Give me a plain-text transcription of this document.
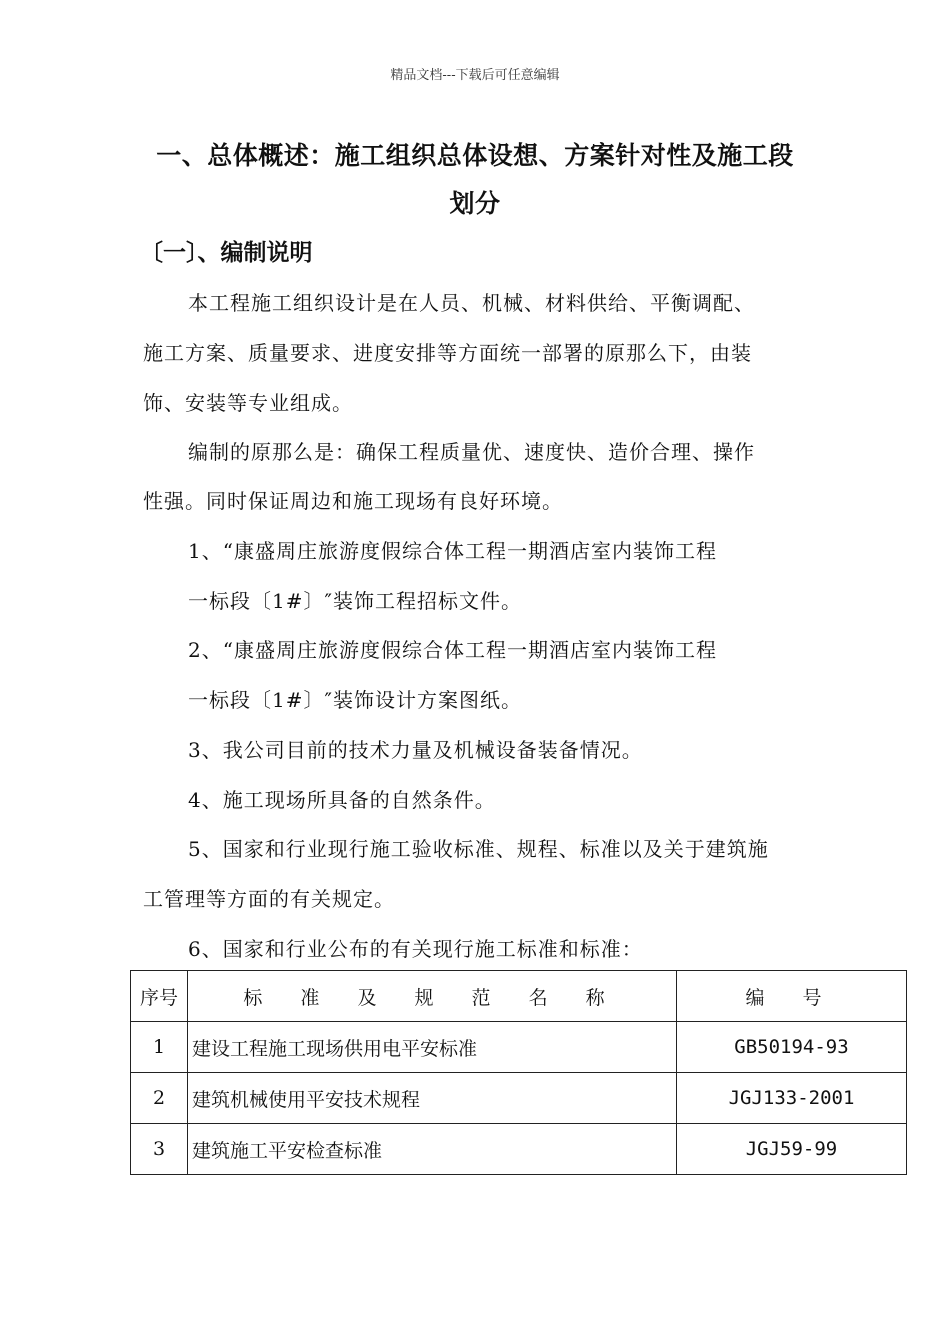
精品文档---下载后可任意编辑
一、总体概述：施工组织总体设想、方案针对性及施工段
划分
〔一〕、编制说明
本工程施工组织设计是在人员、机械、材料供给、平衡调配、
施工方案、质量要求、进度安排等方面统一部署的原那么下，由装
饰、安装等专业组成。
编制的原那么是：确保工程质量优、速度快、造价合理、操作
性强。同时保证周边和施工现场有良好环境。
1、“康盛周庄旅游度假综合体工程一期酒店室内装饰工程
一标段〔1#〕″装饰工程招标文件。
2、“康盛周庄旅游度假综合体工程一期酒店室内装饰工程
一标段〔1#〕″装饰设计方案图纸。
3、我公司目前的技术力量及机械设备装备情况。
4、施工现场所具备的自然条件。
5、国家和行业现行施工验收标准、规程、标准以及关于建筑施
工管理等方面的有关规定。
6、国家和行业公布的有关现行施工标准和标准：
序号	标 准 及 规 范 名 称	编 号
1	建设工程施工现场供用电平安标准	GB50194-93
2	建筑机械使用平安技术规程	JGJ133-2001
3	建筑施工平安检查标准	JGJ59-99
